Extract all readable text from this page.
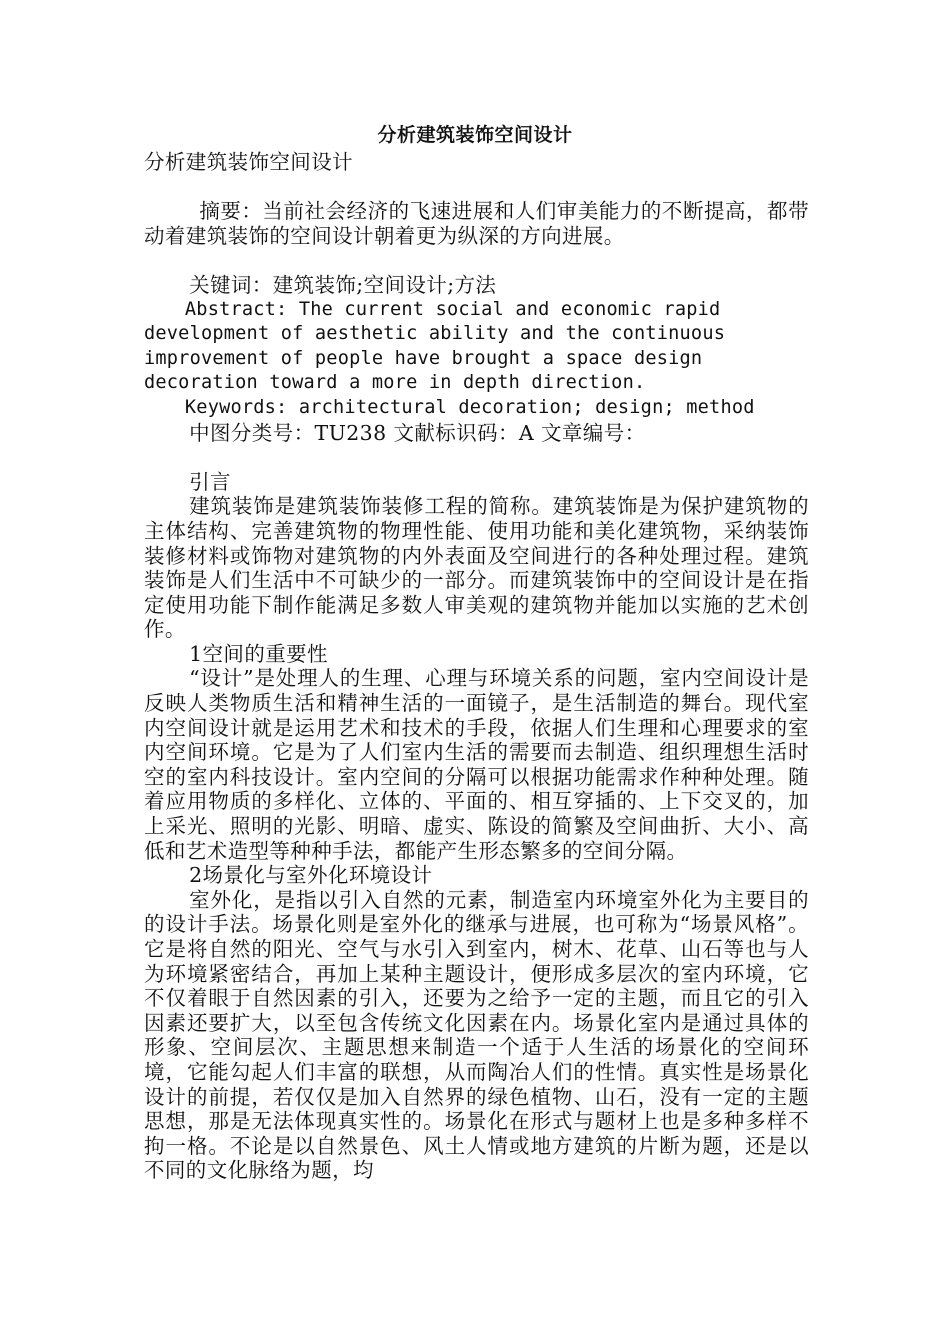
分析建筑装饰空间设计

分析建筑装饰空间设计

摘要：当前社会经济的飞速进展和人们审美能力的不断提高，都带动着建筑装饰的空间设计朝着更为纵深的方向进展。

关键词：建筑装饰;空间设计;方法

Abstract: The current social and economic rapid development of aesthetic ability and the continuous improvement of people have brought a space design decoration toward a more in depth direction.

Keywords: architectural decoration; design; method

中图分类号：TU238 文献标识码：A 文章编号：

引言

建筑装饰是建筑装饰装修工程的简称。建筑装饰是为保护建筑物的主体结构、完善建筑物的物理性能、使用功能和美化建筑物，采纳装饰装修材料或饰物对建筑物的内外表面及空间进行的各种处理过程。建筑装饰是人们生活中不可缺少的一部分。而建筑装饰中的空间设计是在指定使用功能下制作能满足多数人审美观的建筑物并能加以实施的艺术创作。

1空间的重要性

“设计”是处理人的生理、心理与环境关系的问题，室内空间设计是反映人类物质生活和精神生活的一面镜子，是生活制造的舞台。现代室内空间设计就是运用艺术和技术的手段，依据人们生理和心理要求的室内空间环境。它是为了人们室内生活的需要而去制造、组织理想生活时空的室内科技设计。室内空间的分隔可以根据功能需求作种种处理。随着应用物质的多样化、立体的、平面的、相互穿插的、上下交叉的，加上采光、照明的光影、明暗、虚实、陈设的简繁及空间曲折、大小、高低和艺术造型等种种手法，都能产生形态繁多的空间分隔。

2场景化与室外化环境设计

室外化，是指以引入自然的元素，制造室内环境室外化为主要目的的设计手法。场景化则是室外化的继承与进展，也可称为“场景风格”。它是将自然的阳光、空气与水引入到室内，树木、花草、山石等也与人为环境紧密结合，再加上某种主题设计，便形成多层次的室内环境，它不仅着眼于自然因素的引入，还要为之给予一定的主题，而且它的引入因素还要扩大，以至包含传统文化因素在内。场景化室内是通过具体的形象、空间层次、主题思想来制造一个适于人生活的场景化的空间环境，它能勾起人们丰富的联想，从而陶冶人们的性情。真实性是场景化设计的前提，若仅仅是加入自然界的绿色植物、山石，没有一定的主题思想，那是无法体现真实性的。场景化在形式与题材上也是多种多样不拘一格。不论是以自然景色、风土人情或地方建筑的片断为题，还是以不同的文化脉络为题，均
